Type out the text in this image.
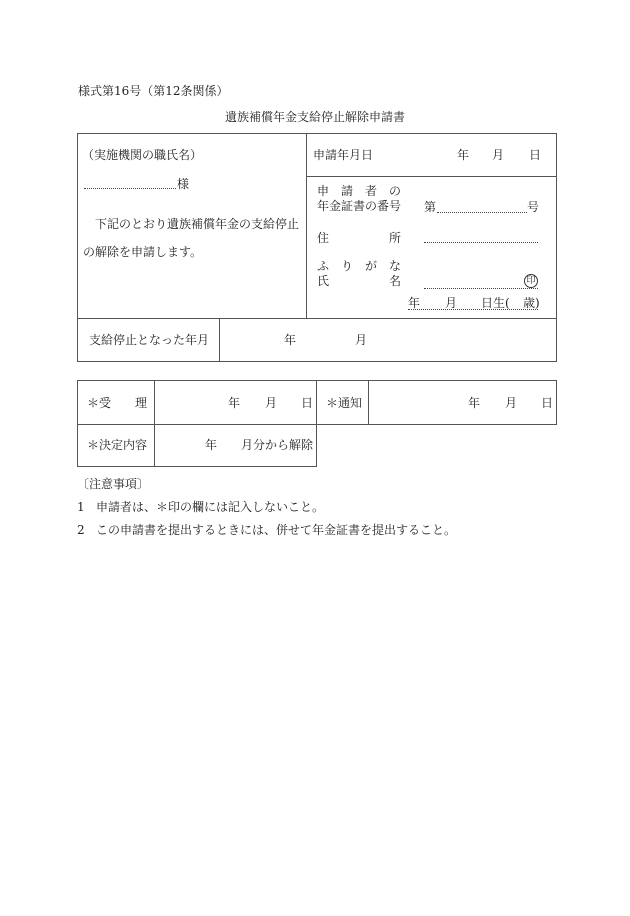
様式第16号（第12条関係）
遺族補償年金支給停止解除申請書
（実施機関の職氏名）
様
下記のとおり遺族補償年金の支給停止
の解除を申請します。
申請年月日	年 月 日
申　請　者　の
年金証書の番号 第	号
住	所
ふ　り　が　な
氏	名	印
年 月 日生( 歳)
支給停止となった年月	年	月
＊受　　理	年 月 日 ＊通知	年 月 日
＊決定内容	年 月分から解除
〔注意事項〕
1 申請者は、＊印の欄には記入しないこと。
2 この申請書を提出するときには、併せて年金証書を提出すること。
